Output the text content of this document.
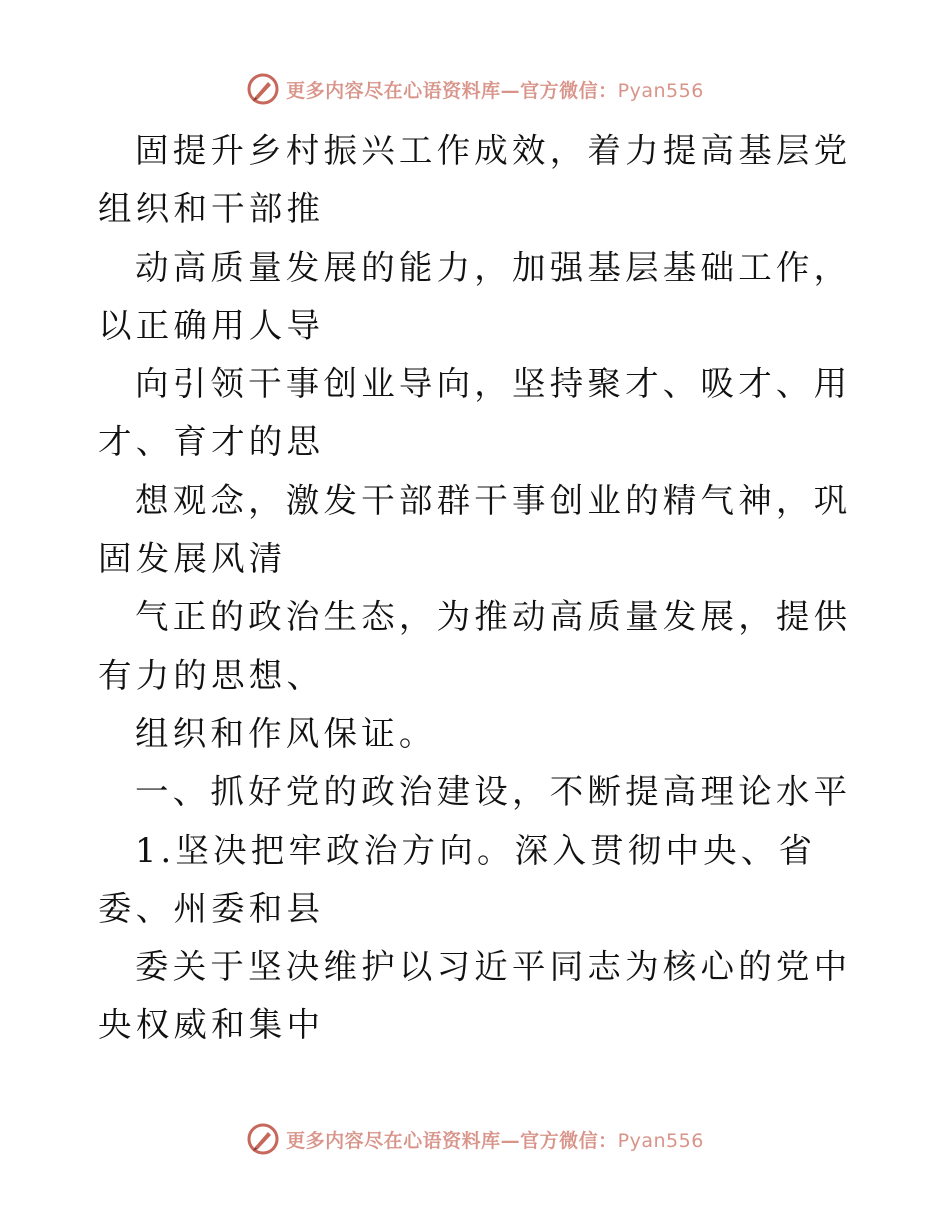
更多内容尽在心语资料库—官方微信：Pyan556

固提升乡村振兴工作成效，着力提高基层党组织和干部推

动高质量发展的能力，加强基层基础工作，以正确用人导

向引领干事创业导向，坚持聚才、吸才、用才、育才的思

想观念，激发干部群干事创业的精气神，巩固发展风清

气正的政治生态，为推动高质量发展，提供有力的思想、

组织和作风保证。

一、抓好党的政治建设，不断提高理论水平

1.坚决把牢政治方向。深入贯彻中央、省委、州委和县

委关于坚决维护以习近平同志为核心的党中央权威和集中

更多内容尽在心语资料库—官方微信：Pyan556
